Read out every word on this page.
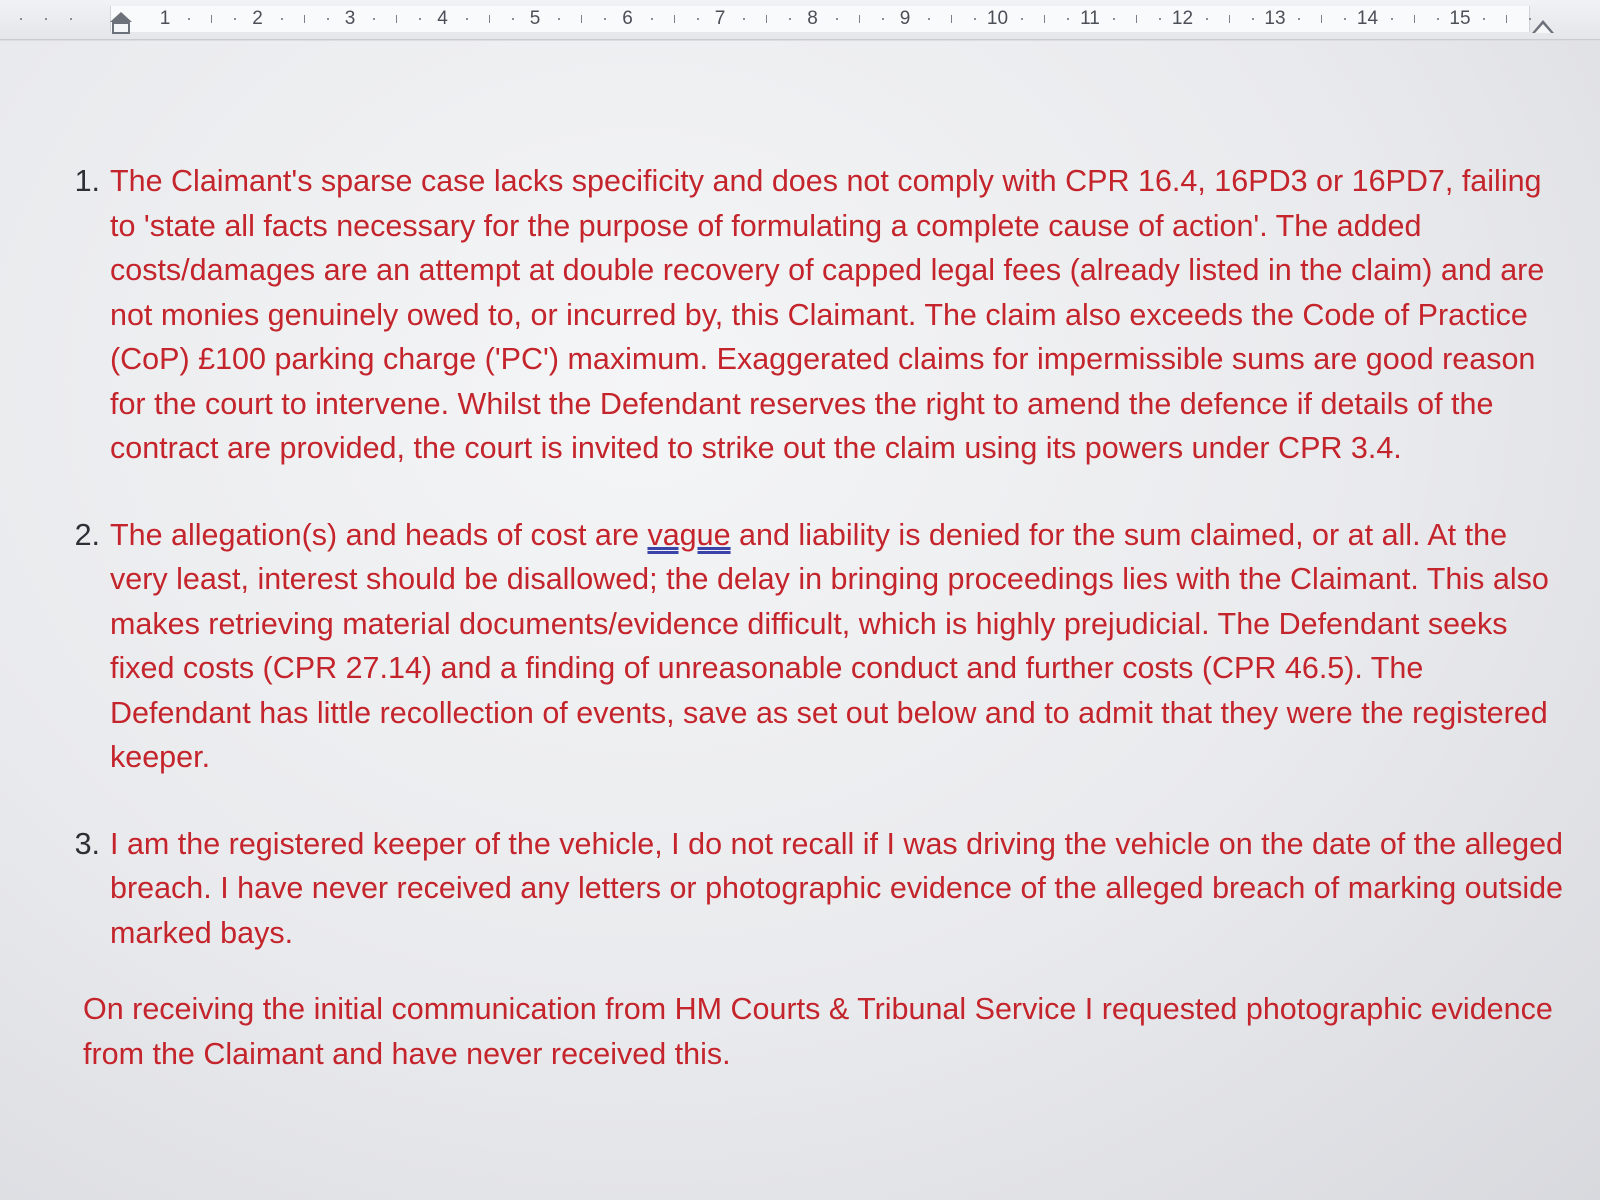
1	2	3	4	5	6	7	8	9	10	11	12	13	14	15
1. The Claimant's sparse case lacks specificity and does not comply with CPR 16.4, 16PD3 or 16PD7, failing to 'state all facts necessary for the purpose of formulating a complete cause of action'. The added costs/damages are an attempt at double recovery of capped legal fees (already listed in the claim) and are not monies genuinely owed to, or incurred by, this Claimant. The claim also exceeds the Code of Practice (CoP) £100 parking charge ('PC') maximum. Exaggerated claims for impermissible sums are good reason for the court to intervene. Whilst the Defendant reserves the right to amend the defence if details of the contract are provided, the court is invited to strike out the claim using its powers under CPR 3.4.

2. The allegation(s) and heads of cost are vague and liability is denied for the sum claimed, or at all. At the very least, interest should be disallowed; the delay in bringing proceedings lies with the Claimant. This also makes retrieving material documents/evidence difficult, which is highly prejudicial. The Defendant seeks fixed costs (CPR 27.14) and a finding of unreasonable conduct and further costs (CPR 46.5). The Defendant has little recollection of events, save as set out below and to admit that they were the registered keeper.

3. I am the registered keeper of the vehicle, I do not recall if I was driving the vehicle on the date of the alleged breach. I have never received any letters or photographic evidence of the alleged breach of marking outside marked bays.

On receiving the initial communication from HM Courts & Tribunal Service I requested photographic evidence from the Claimant and have never received this.
